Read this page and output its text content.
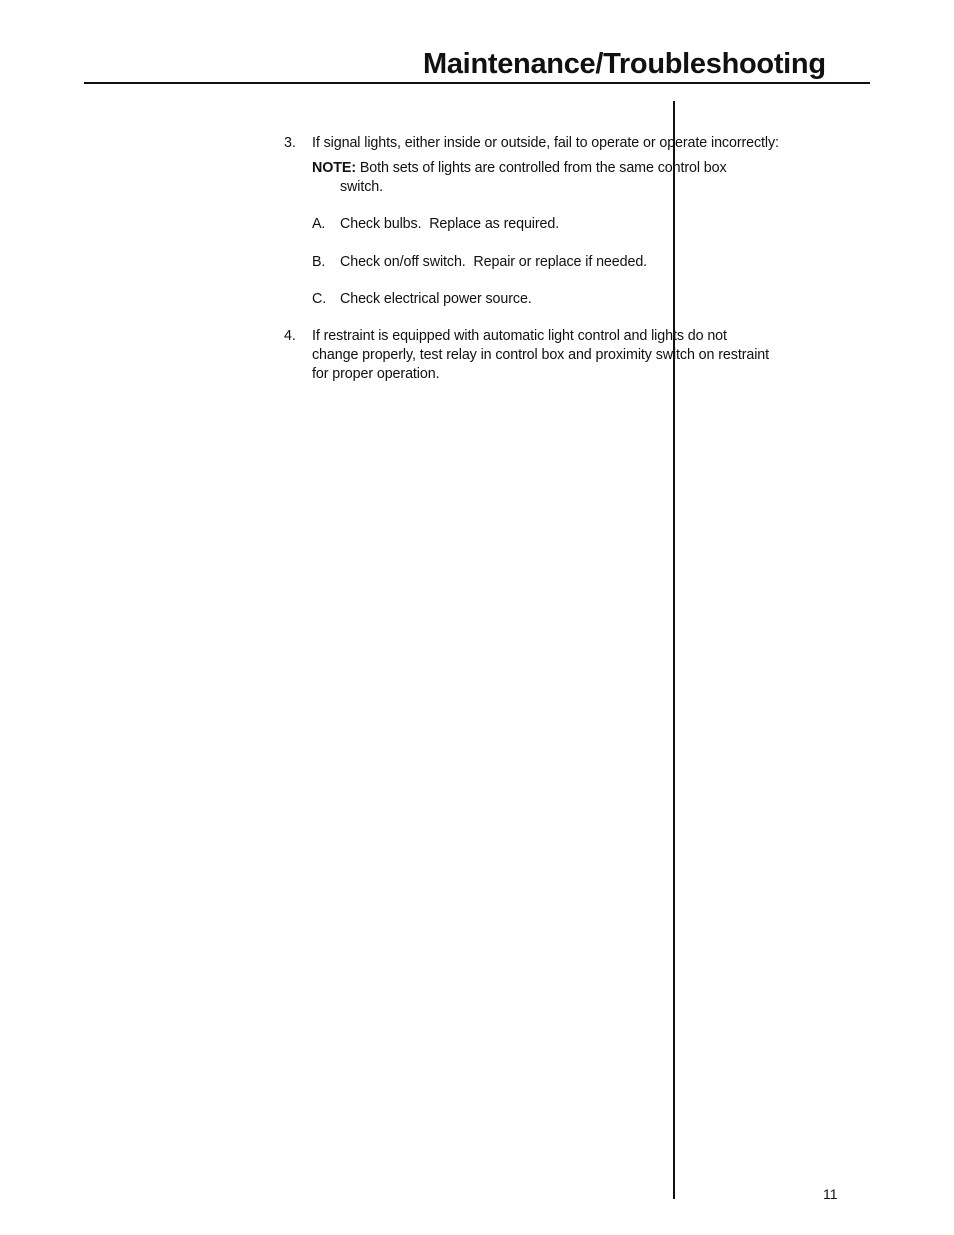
Maintenance/Troubleshooting
3. If signal lights, either inside or outside, fail to operate or operate incorrectly:
NOTE: Both sets of lights are controlled from the same control box
switch.
A. Check bulbs.  Replace as required.
B. Check on/off switch.  Repair or replace if needed.
C. Check electrical power source.
4. If restraint is equipped with automatic light control and lights do not
change properly, test relay in control box and proximity switch on restraint
for proper operation.
11
